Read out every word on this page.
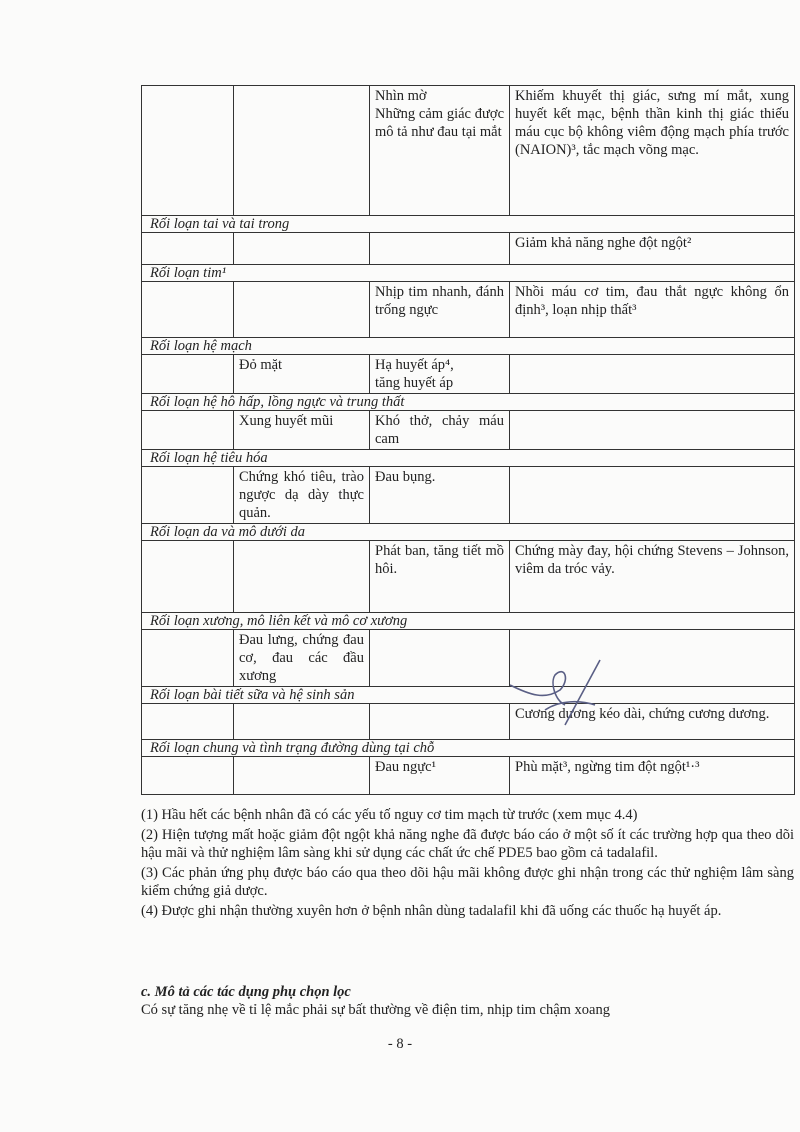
		Nhìn mờ
Những cảm giác được mô tả như đau tại mắt	Khiếm khuyết thị giác, sưng mí mắt, xung huyết kết mạc, bệnh thần kinh thị giác thiếu máu cục bộ không viêm động mạch phía trước (NAION)³, tắc mạch võng mạc.
Rối loạn tai và tai trong			
			Giảm khả năng nghe đột ngột²
Rối loạn tim¹			
		Nhịp tim nhanh, đánh trống ngực	Nhồi máu cơ tim, đau thắt ngực không ổn định³, loạn nhịp thất³
Rối loạn hệ mạch			
	Đỏ mặt	Hạ huyết áp⁴,
tăng huyết áp	
Rối loạn hệ hô hấp, lồng ngực và trung thất			
	Xung huyết mũi	Khó thở, chảy máu cam	
Rối loạn hệ tiêu hóa			
	Chứng khó tiêu, trào ngược dạ dày thực quản.	Đau bụng.	
Rối loạn da và mô dưới da			
		Phát ban, tăng tiết mồ hôi.	Chứng mày đay, hội chứng Stevens – Johnson, viêm da tróc vảy.
Rối loạn xương, mô liên kết và mô cơ xương			
	Đau lưng, chứng đau cơ, đau các đầu xương		
Rối loạn bài tiết sữa và hệ sinh sản			
			Cương dương kéo dài, chứng cương dương.
Rối loạn chung và tình trạng đường dùng tại chỗ			
		Đau ngực¹	Phù mặt³, ngừng tim đột ngột¹·³

(1) Hầu hết các bệnh nhân đã có các yếu tố nguy cơ tim mạch từ trước (xem mục 4.4)

(2) Hiện tượng mất hoặc giảm đột ngột khả năng nghe đã được báo cáo ở một số ít các trường hợp qua theo dõi hậu mãi và thử nghiệm lâm sàng khi sử dụng các chất ức chế PDE5 bao gồm cả tadalafil.

(3) Các phản ứng phụ được báo cáo qua theo dõi hậu mãi không được ghi nhận trong các thử nghiệm lâm sàng kiểm chứng giả dược.

(4) Được ghi nhận thường xuyên hơn ở bệnh nhân dùng tadalafil khi đã uống các thuốc hạ huyết áp.

c. Mô tả các tác dụng phụ chọn lọc
Có sự tăng nhẹ về tỉ lệ mắc phải sự bất thường về điện tim, nhịp tim chậm xoang
- 8 -
